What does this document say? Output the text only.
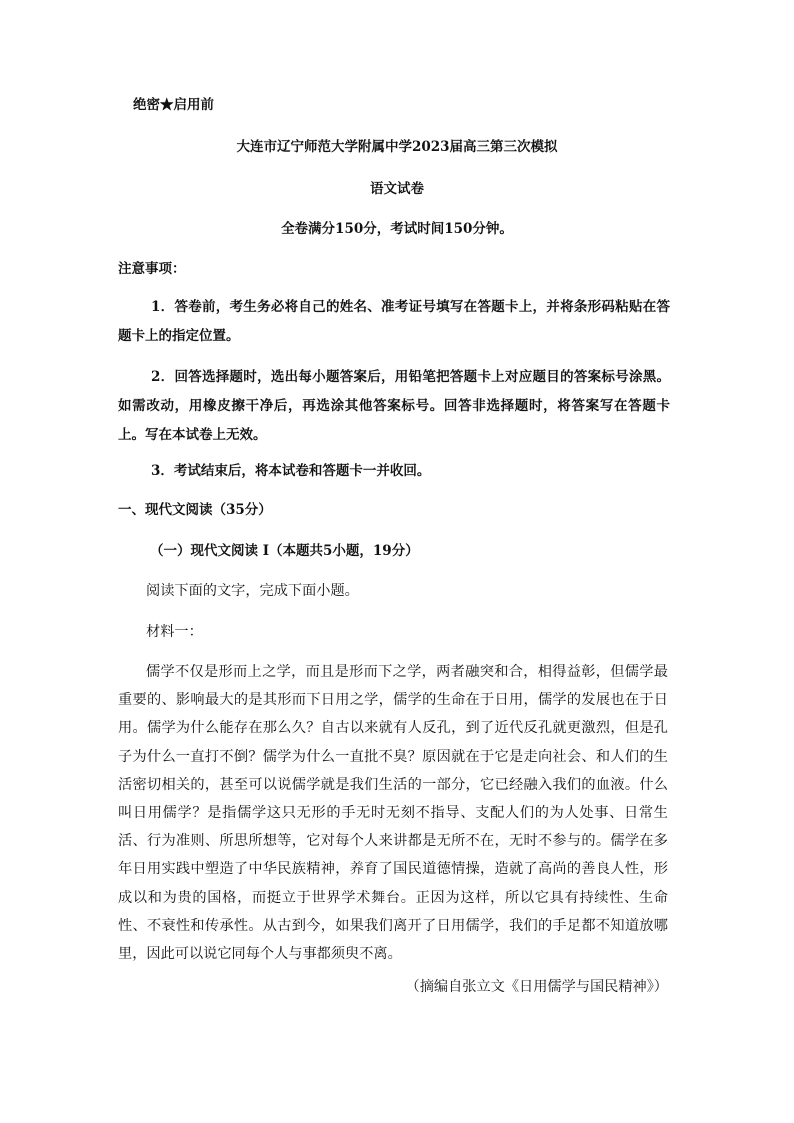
绝密★启用前
大连市辽宁师范大学附属中学2023届高三第三次模拟
语文试卷
全卷满分150分，考试时间150分钟。
注意事项：
1．答卷前，考生务必将自己的姓名、准考证号填写在答题卡上，并将条形码粘贴在答题卡上的指定位置。
2．回答选择题时，选出每小题答案后，用铅笔把答题卡上对应题目的答案标号涂黑。如需改动，用橡皮擦干净后，再选涂其他答案标号。回答非选择题时，将答案写在答题卡上。写在本试卷上无效。
3．考试结束后，将本试卷和答题卡一并收回。
一、现代文阅读（35分）
（一）现代文阅读 I（本题共5小题，19分）
阅读下面的文字，完成下面小题。
材料一：
儒学不仅是形而上之学，而且是形而下之学，两者融突和合，相得益彰，但儒学最重要的、影响最大的是其形而下日用之学，儒学的生命在于日用，儒学的发展也在于日用。儒学为什么能存在那么久？自古以来就有人反孔，到了近代反孔就更激烈，但是孔子为什么一直打不倒？儒学为什么一直批不臭？原因就在于它是走向社会、和人们的生活密切相关的，甚至可以说儒学就是我们生活的一部分，它已经融入我们的血液。什么叫日用儒学？是指儒学这只无形的手无时无刻不指导、支配人们的为人处事、日常生活、行为准则、所思所想等，它对每个人来讲都是无所不在，无时不参与的。儒学在多年日用实践中塑造了中华民族精神，养育了国民道德情操，造就了高尚的善良人性，形成以和为贵的国格，而挺立于世界学术舞台。正因为这样，所以它具有持续性、生命性、不衰性和传承性。从古到今，如果我们离开了日用儒学，我们的手足都不知道放哪里，因此可以说它同每个人与事都须臾不离。
（摘编自张立文《日用儒学与国民精神》）
